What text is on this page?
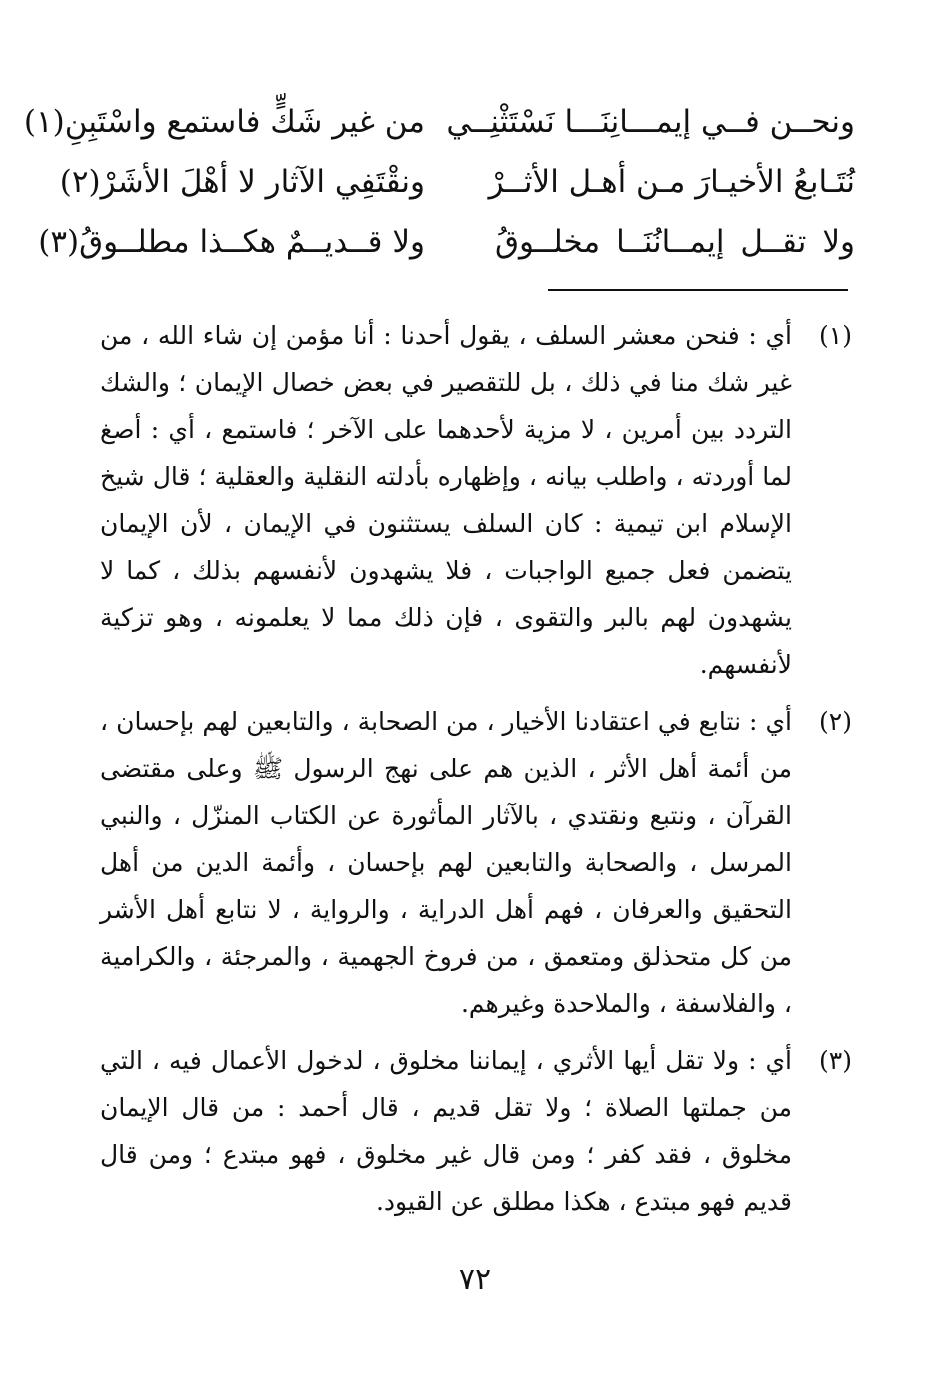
ونحــن فــي إيمـــانِنَـــا نَسْتَثْنِــي
من غير شَكٍّ فاستمع واسْتَبِنِ(١)
نُتَـابعُ الأخيـارَ مـن أهـل الأثــرْ
ونقْتَفِي الآثار لا أهْلَ الأشَرْ(٢)
ولا تقــل إيمــانُنَــا مخلــوقُ
ولا قــديــمٌ هكــذا مطلــوقُ(٣)
(١)
أي : فنحن معشر السلف ، يقول أحدنا : أنا مؤمن إن شاء الله ، من غير شك منا في ذلك ، بل للتقصير في بعض خصال الإيمان ؛ والشك التردد بين أمرين ، لا مزية لأحدهما على الآخر ؛ فاستمع ، أي : أصغ لما أوردته ، واطلب بيانه ، وإظهاره بأدلته النقلية والعقلية ؛ قال شيخ الإسلام ابن تيمية : كان السلف يستثنون في الإيمان ، لأن الإيمان يتضمن فعل جميع الواجبات ، فلا يشهدون لأنفسهم بذلك ، كما لا يشهدون لهم بالبر والتقوى ، فإن ذلك مما لا يعلمونه ، وهو تزكية لأنفسهم.
(٢)
أي : نتابع في اعتقادنا الأخيار ، من الصحابة ، والتابعين لهم بإحسان ، من أئمة أهل الأثر ، الذين هم على نهج الرسول ﷺ وعلى مقتضى القرآن ، ونتبع ونقتدي ، بالآثار المأثورة عن الكتاب المنزّل ، والنبي المرسل ، والصحابة والتابعين لهم بإحسان ، وأئمة الدين من أهل التحقيق والعرفان ، فهم أهل الدراية ، والرواية ، لا نتابع أهل الأشر من كل متحذلق ومتعمق ، من فروخ الجهمية ، والمرجئة ، والكرامية ، والفلاسفة ، والملاحدة وغيرهم.
(٣)
أي : ولا تقل أيها الأثري ، إيماننا مخلوق ، لدخول الأعمال فيه ، التي من جملتها الصلاة ؛ ولا تقل قديم ، قال أحمد : من قال الإيمان مخلوق ، فقد كفر ؛ ومن قال غير مخلوق ، فهو مبتدع ؛ ومن قال قديم فهو مبتدع ، هكذا مطلق عن القيود.
٧٢
